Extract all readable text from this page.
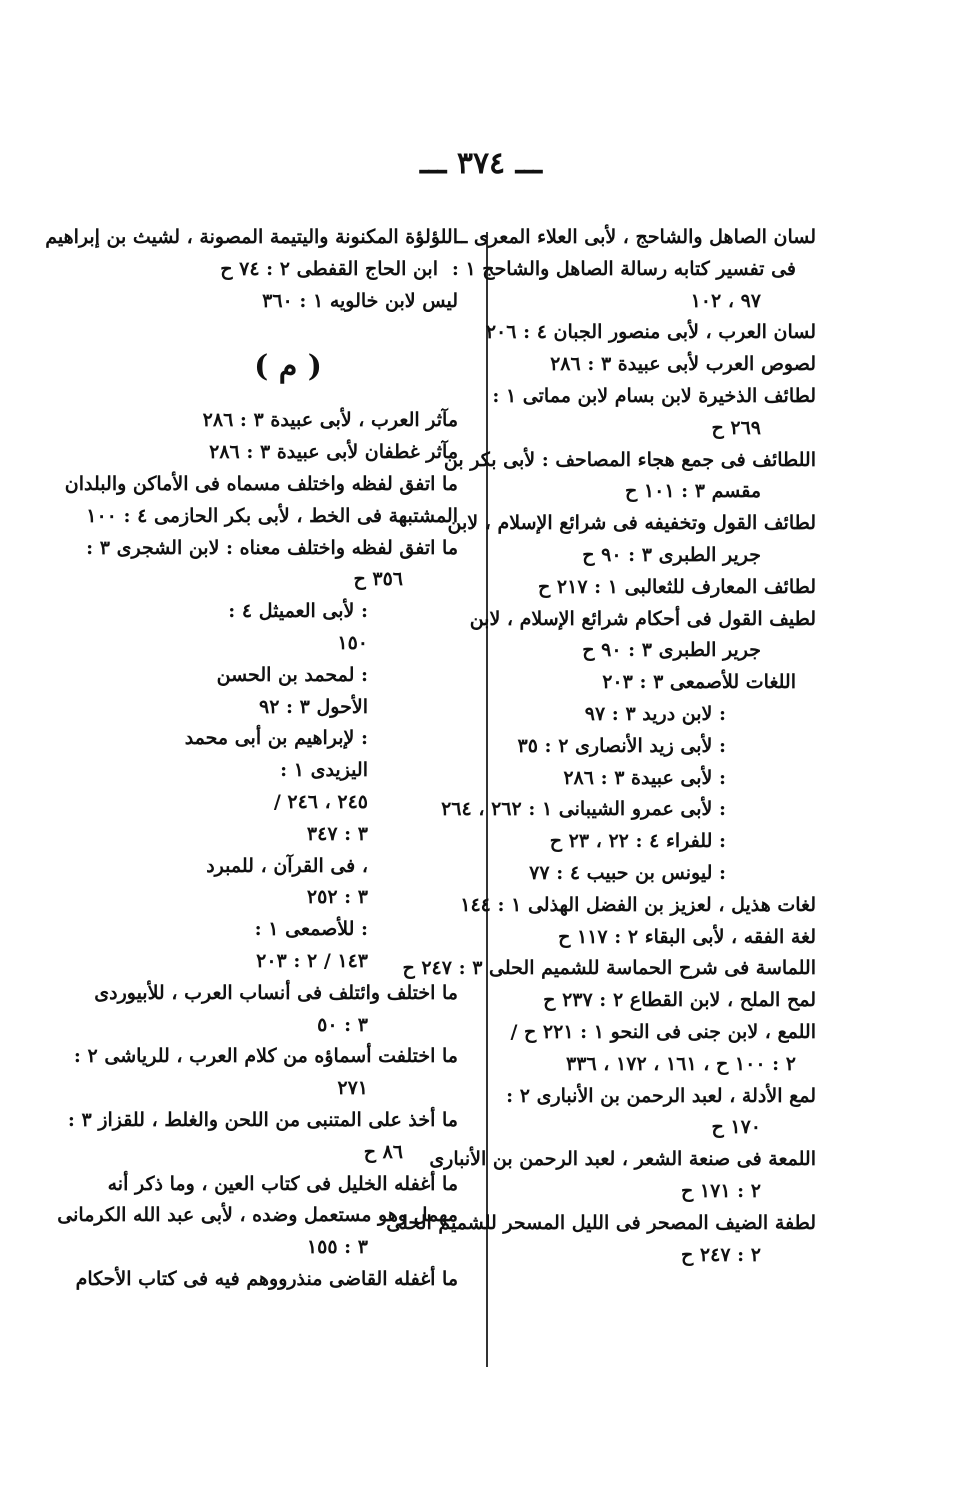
ـــ ٣٧٤ ـــ
لسان الصاهل والشاحج ، لأبى العلاء المعرى ــ
فى تفسير كتابه رسالة الصاهل والشاحج ١ :
٩٧ ، ١٠٢
لسان العرب ، لأبى منصور الجبان ٤ : ٢٠٦
لصوص العرب لأبى عبيدة ٣ : ٢٨٦
لطائف الذخيرة لابن بسام لابن مماتى ١ :
٢٦٩ ح
اللطائف فى جمع هجاء المصاحف : لأبى بكر بن
مقسم ٣ : ١٠١ ح
لطائف القول وتخفيفه فى شرائع الإسلام ، لابن
جرير الطبرى ٣ : ٩٠ ح
لطائف المعارف للثعالبى ١ : ٢١٧ ح
لطيف القول فى أحكام شرائع الإسلام ، لابن
جرير الطبرى ٣ : ٩٠ ح
اللغات للأصمعى ٣ : ٢٠٣
: لابن دريد ٣ : ٩٧
: لأبى زيد الأنصارى ٢ : ٣٥
: لأبى عبيدة ٣ : ٢٨٦
: لأبى عمرو الشيبانى ١ : ٢٦٢ ، ٢٦٤
: للفراء ٤ : ٢٢ ، ٢٣ ح
: ليونس بن حبيب ٤ : ٧٧
لغات هذيل ، لعزيز بن الفضل الهذلى ١ : ١٤٤
لغة الفقه ، لأبى البقاء ٢ : ١١٧ ح
اللماسة فى شرح الحماسة للشميم الحلى ٣ : ٢٤٧ ح
لمح الملح ، لابن القطاع ٢ : ٢٣٧ ح
اللمع ، لابن جنى فى النحو ١ : ٢٢١ ح /
٢ : ١٠٠ ح ، ١٦١ ، ١٧٢ ، ٣٣٦
لمع الأدلة ، لعبد الرحمن بن الأنبارى ٢ :
١٧٠ ح
اللمعة فى صنعة الشعر ، لعبد الرحمن بن الأنبارى
٢ : ١٧١ ح
لطفة الضيف المصحر فى الليل المسحر للشميم الحلى
٢ : ٢٤٧ ح
اللؤلؤة المكنونة واليتيمة المصونة ، لشيث بن إبراهيم
ابن الحاج القفطى ٢ : ٧٤ ح
ليس لابن خالويه ١ : ٣٦٠
( م )
مآثر العرب ، لأبى عبيدة ٣ : ٢٨٦
مآثر غطفان لأبى عبيدة ٣ : ٢٨٦
ما اتفق لفظه واختلف مسماه فى الأماكن والبلدان
المشتبهة فى الخط ، لأبى بكر الحازمى ٤ : ١٠٠
ما اتفق لفظه واختلف معناه : لابن الشجرى ٣ :
٣٥٦ ح
: لأبى العميثل ٤ :
١٥٠
: لمحمد بن الحسن
الأحول ٣ : ٩٢
: لإبراهيم بن أبى محمد
اليزيدى ١ :
٢٤٥ ، ٢٤٦ /
٣ : ٣٤٧
، فى القرآن ، للمبرد
٣ : ٢٥٢
: للأصمعى ١ :
١٤٣ / ٢ : ٢٠٣
ما اختلف وائتلف فى أنساب العرب ، للأبيوردى
٣ : ٥٠
ما اختلفت أسماؤه من كلام العرب ، للرياشى ٢ :
٢٧١
ما أخذ على المتنبى من اللحن والغلط ، للقزاز ٣ :
٨٦ ح
ما أغفله الخليل فى كتاب العين ، وما ذكر أنه
مهمل وهو مستعمل وضده ، لأبى عبد الله الكرمانى
٣ : ١٥٥
ما أغفله القاضى منذرووهم فيه فى كتاب الأحكام
